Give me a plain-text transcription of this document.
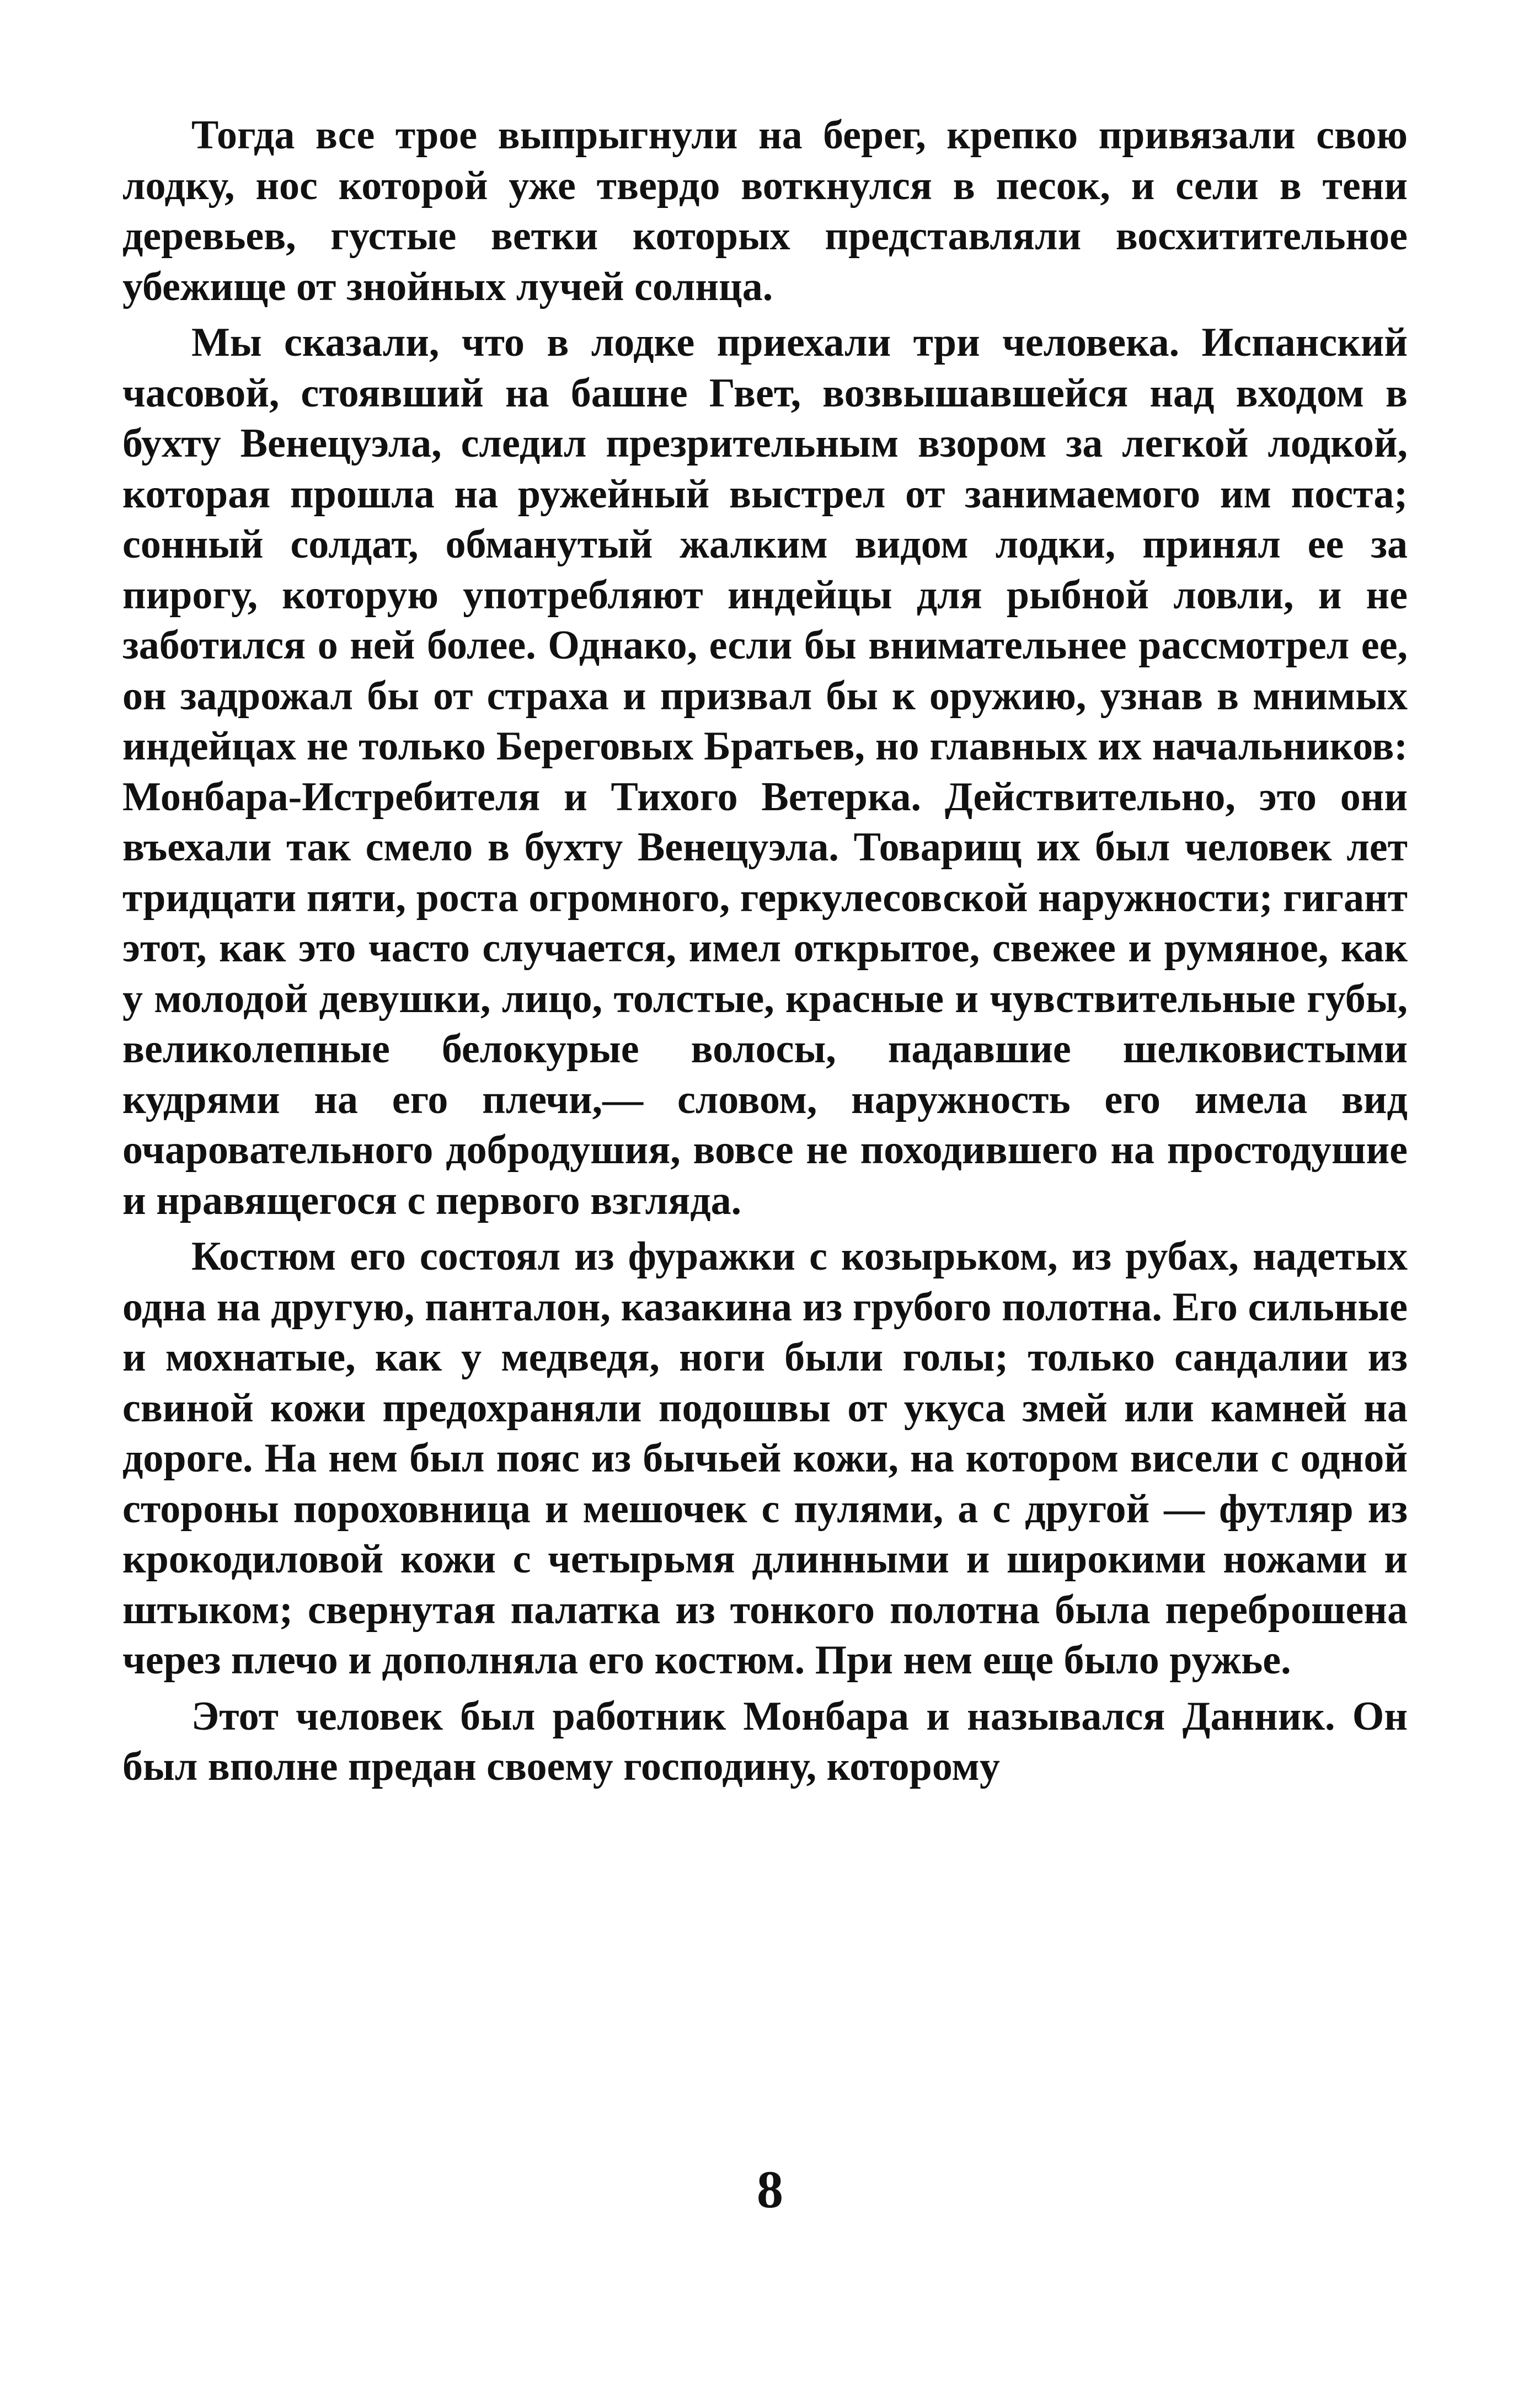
Тогда все трое выпрыгнули на берег, крепко привязали свою лодку, нос которой уже твердо воткнулся в песок, и сели в тени деревьев, густые ветки которых представляли восхитительное убежище от знойных лучей солнца.

Мы сказали, что в лодке приехали три человека. Испанский часовой, стоявший на башне Гвет, возвышавшейся над входом в бухту Венецуэла, следил презрительным взором за легкой лодкой, которая прошла на ружейный выстрел от занимаемого им поста; сонный солдат, обманутый жалким видом лодки, принял ее за пирогу, которую употребляют индейцы для рыбной ловли, и не заботился о ней более. Однако, если бы внимательнее рассмотрел ее, он задрожал бы от страха и призвал бы к оружию, узнав в мнимых индейцах не только Береговых Братьев, но главных их начальников: Монбара-Истребителя и Тихого Ветерка. Действительно, это они въехали так смело в бухту Венецуэла. Товарищ их был человек лет тридцати пяти, роста огромного, геркулесовской наружности; гигант этот, как это часто случается, имел открытое, свежее и румяное, как у молодой девушки, лицо, толстые, красные и чувствительные губы, великолепные белокурые волосы, падавшие шелковистыми кудрями на его плечи,— словом, наружность его имела вид очаровательного добродушия, вовсе не походившего на простодушие и нравящегося с первого взгляда.

Костюм его состоял из фуражки с козырьком, из рубах, надетых одна на другую, панталон, казакина из грубого полотна. Его сильные и мохнатые, как у медведя, ноги были голы; только сандалии из свиной кожи предохраняли подошвы от укуса змей или камней на дороге. На нем был пояс из бычьей кожи, на котором висели с одной стороны пороховница и мешочек с пулями, а с другой — футляр из крокодиловой кожи с четырьмя длинными и широкими ножами и штыком; свернутая палатка из тонкого полотна была переброшена через плечо и дополняла его костюм. При нем еще было ружье.

Этот человек был работник Монбара и назывался Данник. Он был вполне предан своему господину, которому

8
